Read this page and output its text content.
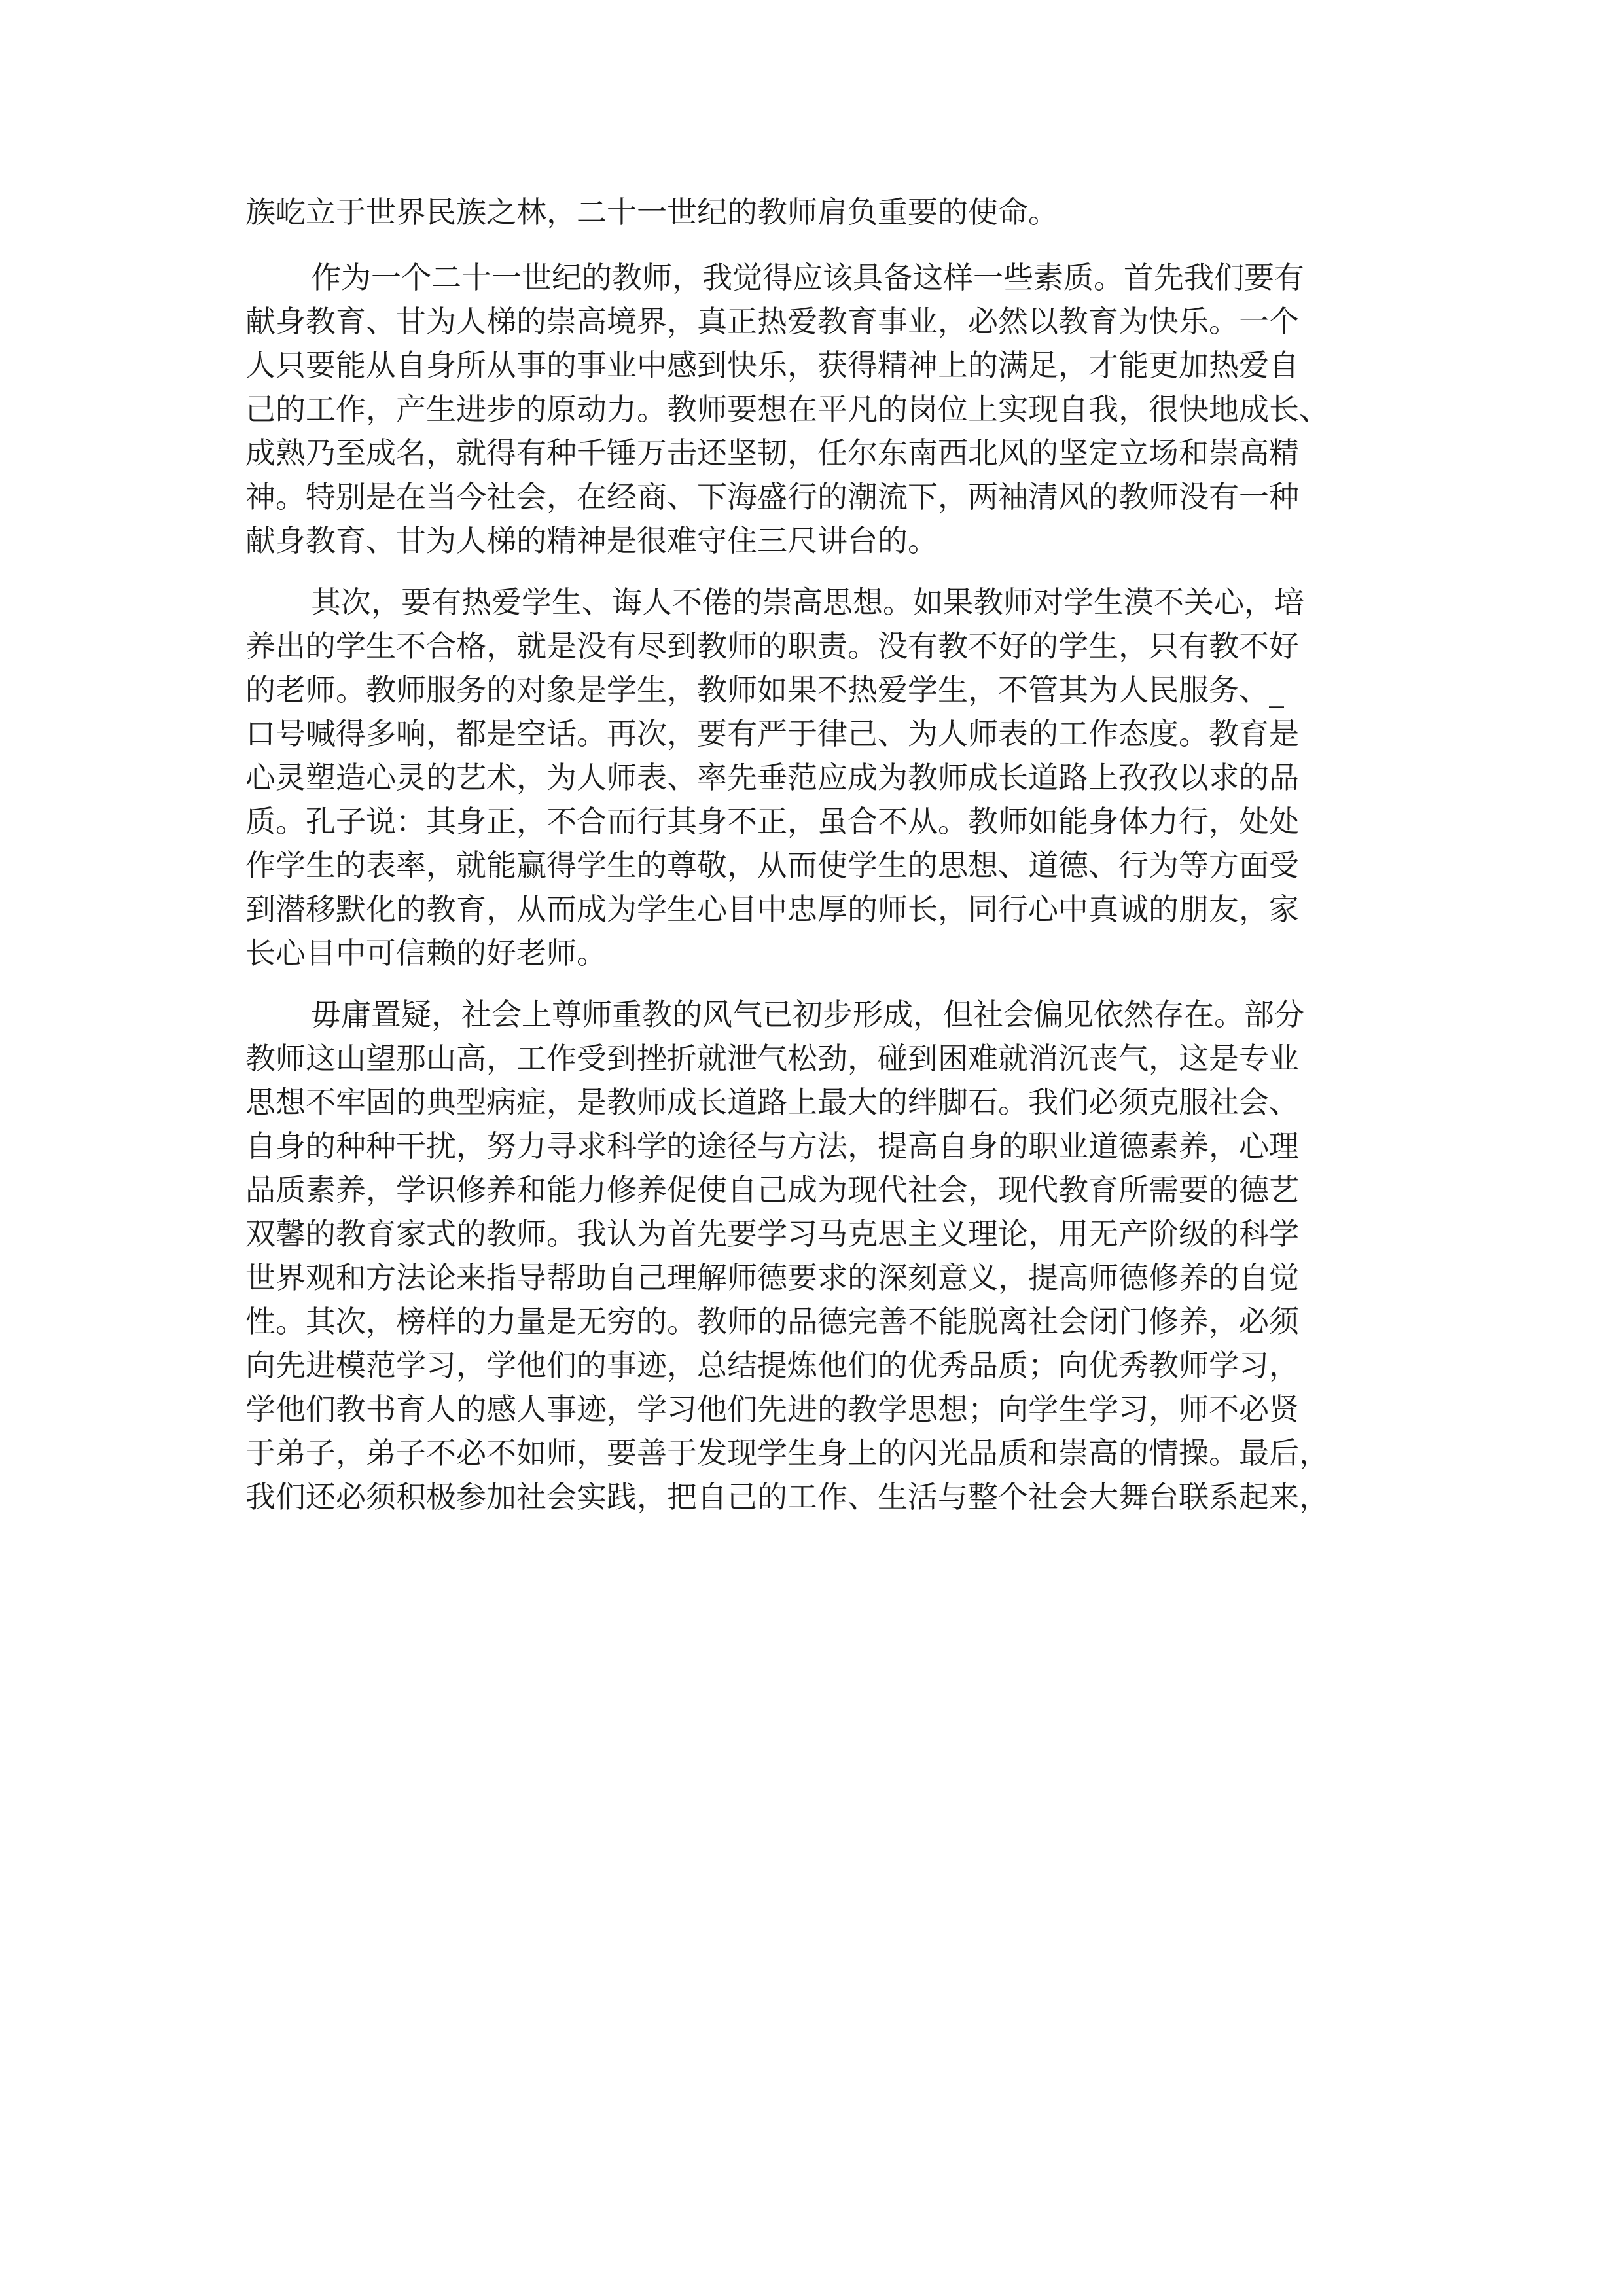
族屹立于世界民族之林，二十一世纪的教师肩负重要的使命。
作为一个二十一世纪的教师，我觉得应该具备这样一些素质。首先我们要有
献身教育、甘为人梯的崇高境界，真正热爱教育事业，必然以教育为快乐。一个
人只要能从自身所从事的事业中感到快乐，获得精神上的满足，才能更加热爱自
己的工作，产生进步的原动力。教师要想在平凡的岗位上实现自我，很快地成长、
成熟乃至成名，就得有种千锤万击还坚韧，任尔东南西北风的坚定立场和崇高精
神。特别是在当今社会，在经商、下海盛行的潮流下，两袖清风的教师没有一种
献身教育、甘为人梯的精神是很难守住三尺讲台的。
其次，要有热爱学生、诲人不倦的崇高思想。如果教师对学生漠不关心，培
养出的学生不合格，就是没有尽到教师的职责。没有教不好的学生，只有教不好
的老师。教师服务的对象是学生，教师如果不热爱学生，不管其为人民服务、_
口号喊得多响，都是空话。再次，要有严于律己、为人师表的工作态度。教育是
心灵塑造心灵的艺术，为人师表、率先垂范应成为教师成长道路上孜孜以求的品
质。孔子说：其身正，不合而行其身不正，虽合不从。教师如能身体力行，处处
作学生的表率，就能赢得学生的尊敬，从而使学生的思想、道德、行为等方面受
到潜移默化的教育，从而成为学生心目中忠厚的师长，同行心中真诚的朋友，家
长心目中可信赖的好老师。
毋庸置疑，社会上尊师重教的风气已初步形成，但社会偏见依然存在。部分
教师这山望那山高，工作受到挫折就泄气松劲，碰到困难就消沉丧气，这是专业
思想不牢固的典型病症，是教师成长道路上最大的绊脚石。我们必须克服社会、
自身的种种干扰，努力寻求科学的途径与方法，提高自身的职业道德素养，心理
品质素养，学识修养和能力修养促使自己成为现代社会，现代教育所需要的德艺
双馨的教育家式的教师。我认为首先要学习马克思主义理论，用无产阶级的科学
世界观和方法论来指导帮助自己理解师德要求的深刻意义，提高师德修养的自觉
性。其次，榜样的力量是无穷的。教师的品德完善不能脱离社会闭门修养，必须
向先进模范学习，学他们的事迹，总结提炼他们的优秀品质；向优秀教师学习，
学他们教书育人的感人事迹，学习他们先进的教学思想；向学生学习，师不必贤
于弟子，弟子不必不如师，要善于发现学生身上的闪光品质和崇高的情操。最后，
我们还必须积极参加社会实践，把自己的工作、生活与整个社会大舞台联系起来，
